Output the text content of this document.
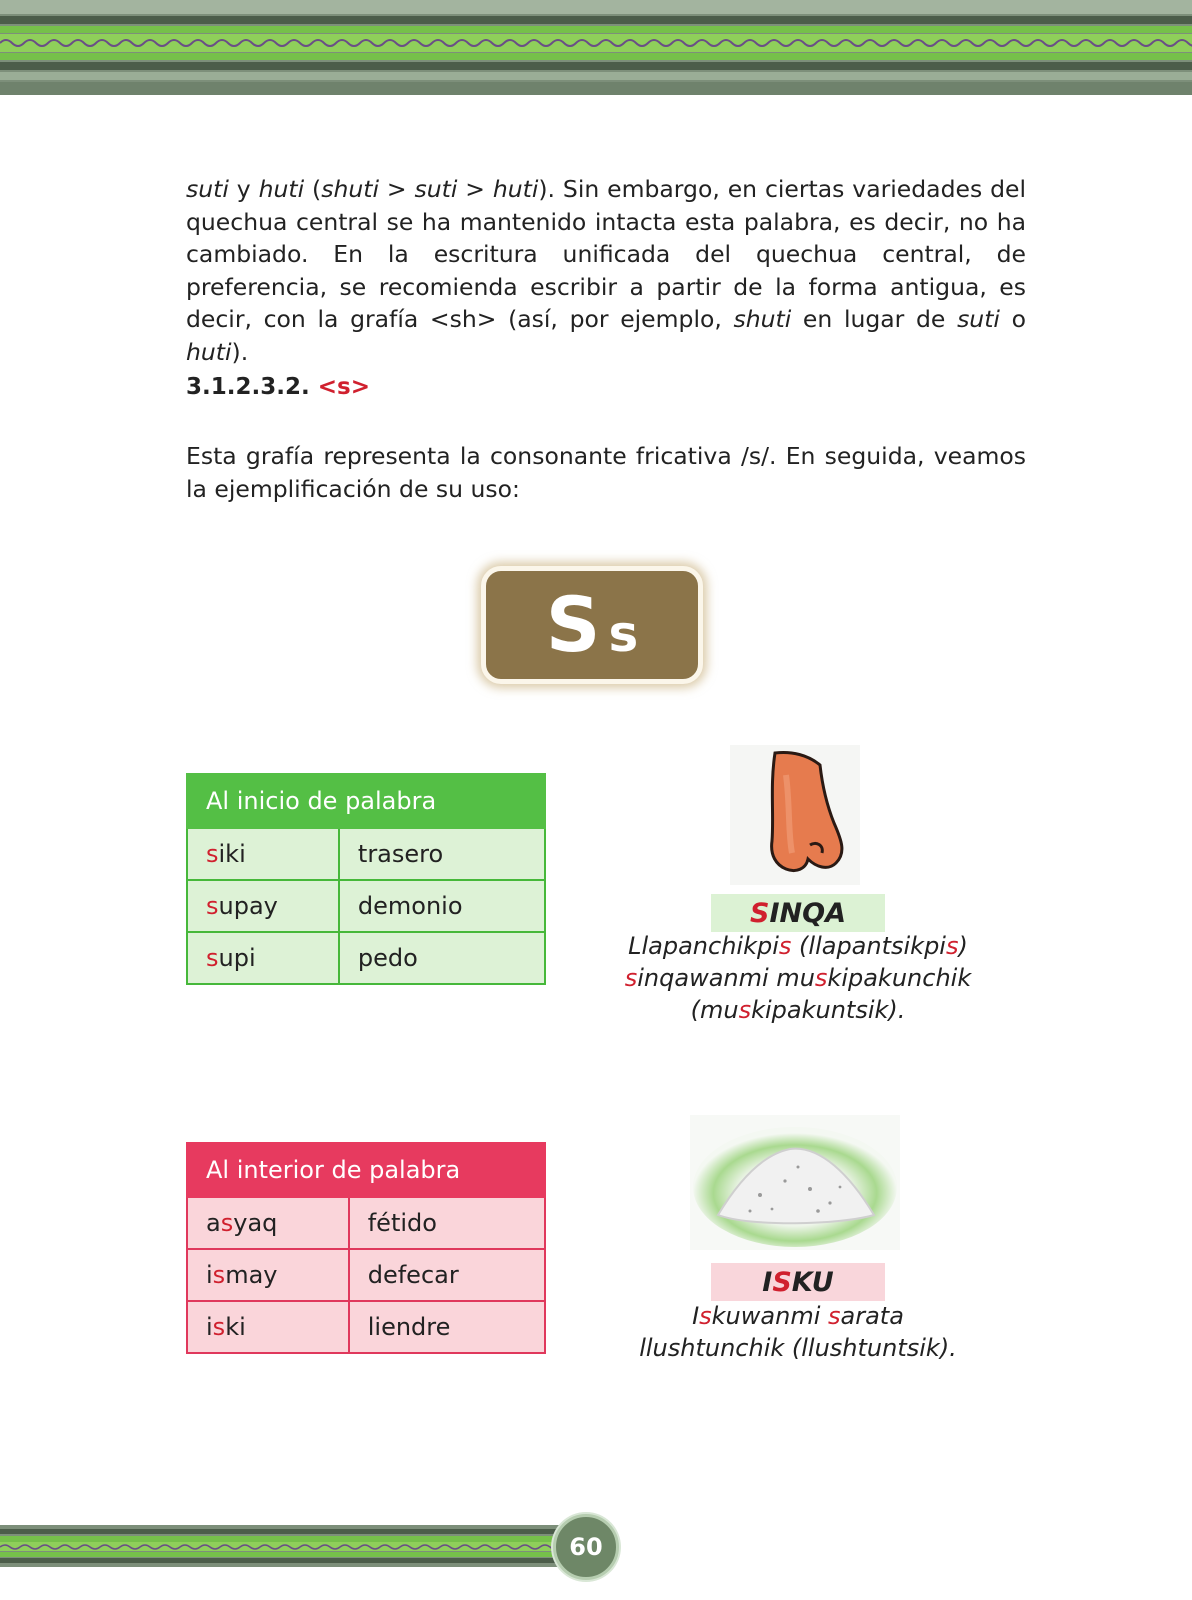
suti y huti (shuti > suti > huti). Sin embargo, en ciertas variedades del quechua central se ha mantenido intacta esta palabra, es decir, no ha cambiado. En la escritura unificada del quechua central, de preferencia, se recomienda escribir a partir de la forma antigua, es decir, con la grafía <sh> (así, por ejemplo, shuti en lugar de suti o huti).

3.1.2.3.2. <s>

Esta grafía representa la consonante fricativa /s/. En seguida, veamos la ejemplificación de su uso:

S s
Al inicio de palabra	
siki	trasero
supay	demonio
supi	pedo
Al interior de palabra	
asyaq	fétido
ismay	defecar
iski	liendre
S INQA

Llapanchikpis (llapantsikpis)
sinqawanmi muskipakunchik
(muskipakuntsik).

I S KU

Iskuwanmi sarata
llushtunchik (llushtuntsik).

60
